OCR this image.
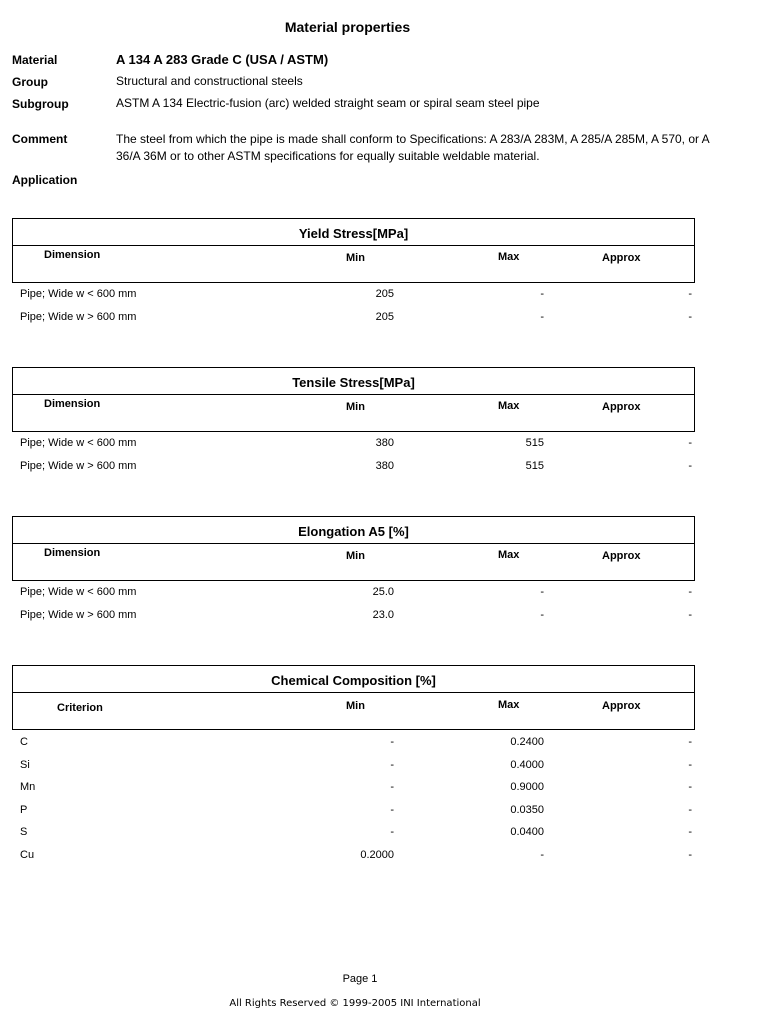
Material properties
Material	A 134 A 283 Grade C (USA / ASTM)
Group	Structural and constructional steels
Subgroup	ASTM A 134 Electric-fusion (arc) welded straight seam or spiral seam steel pipe
Comment	The steel from which the pipe is made shall conform to Specifications: A 283/A 283M, A 285/A 285M, A 570, or A 36/A 36M or to other ASTM specifications for equally suitable weldable material.
Application
Yield Stress[MPa]
Dimension	Min	Max	Approx
Pipe; Wide w < 600 mm	205	-	-
Pipe; Wide w > 600 mm	205	-	-
Tensile Stress[MPa]
Dimension	Min	Max	Approx
Pipe; Wide w < 600 mm	380	515	-
Pipe; Wide w > 600 mm	380	515	-
Elongation A5 [%]
Dimension	Min	Max	Approx
Pipe; Wide w < 600 mm	25.0	-	-
Pipe; Wide w > 600 mm	23.0	-	-
Chemical Composition [%]
Criterion	Min	Max	Approx
C	-	0.2400	-
Si	-	0.4000	-
Mn	-	0.9000	-
P	-	0.0350	-
S	-	0.0400	-
Cu	0.2000	-	-
Page 1
All Rights Reserved © 1999-2005 INI International
